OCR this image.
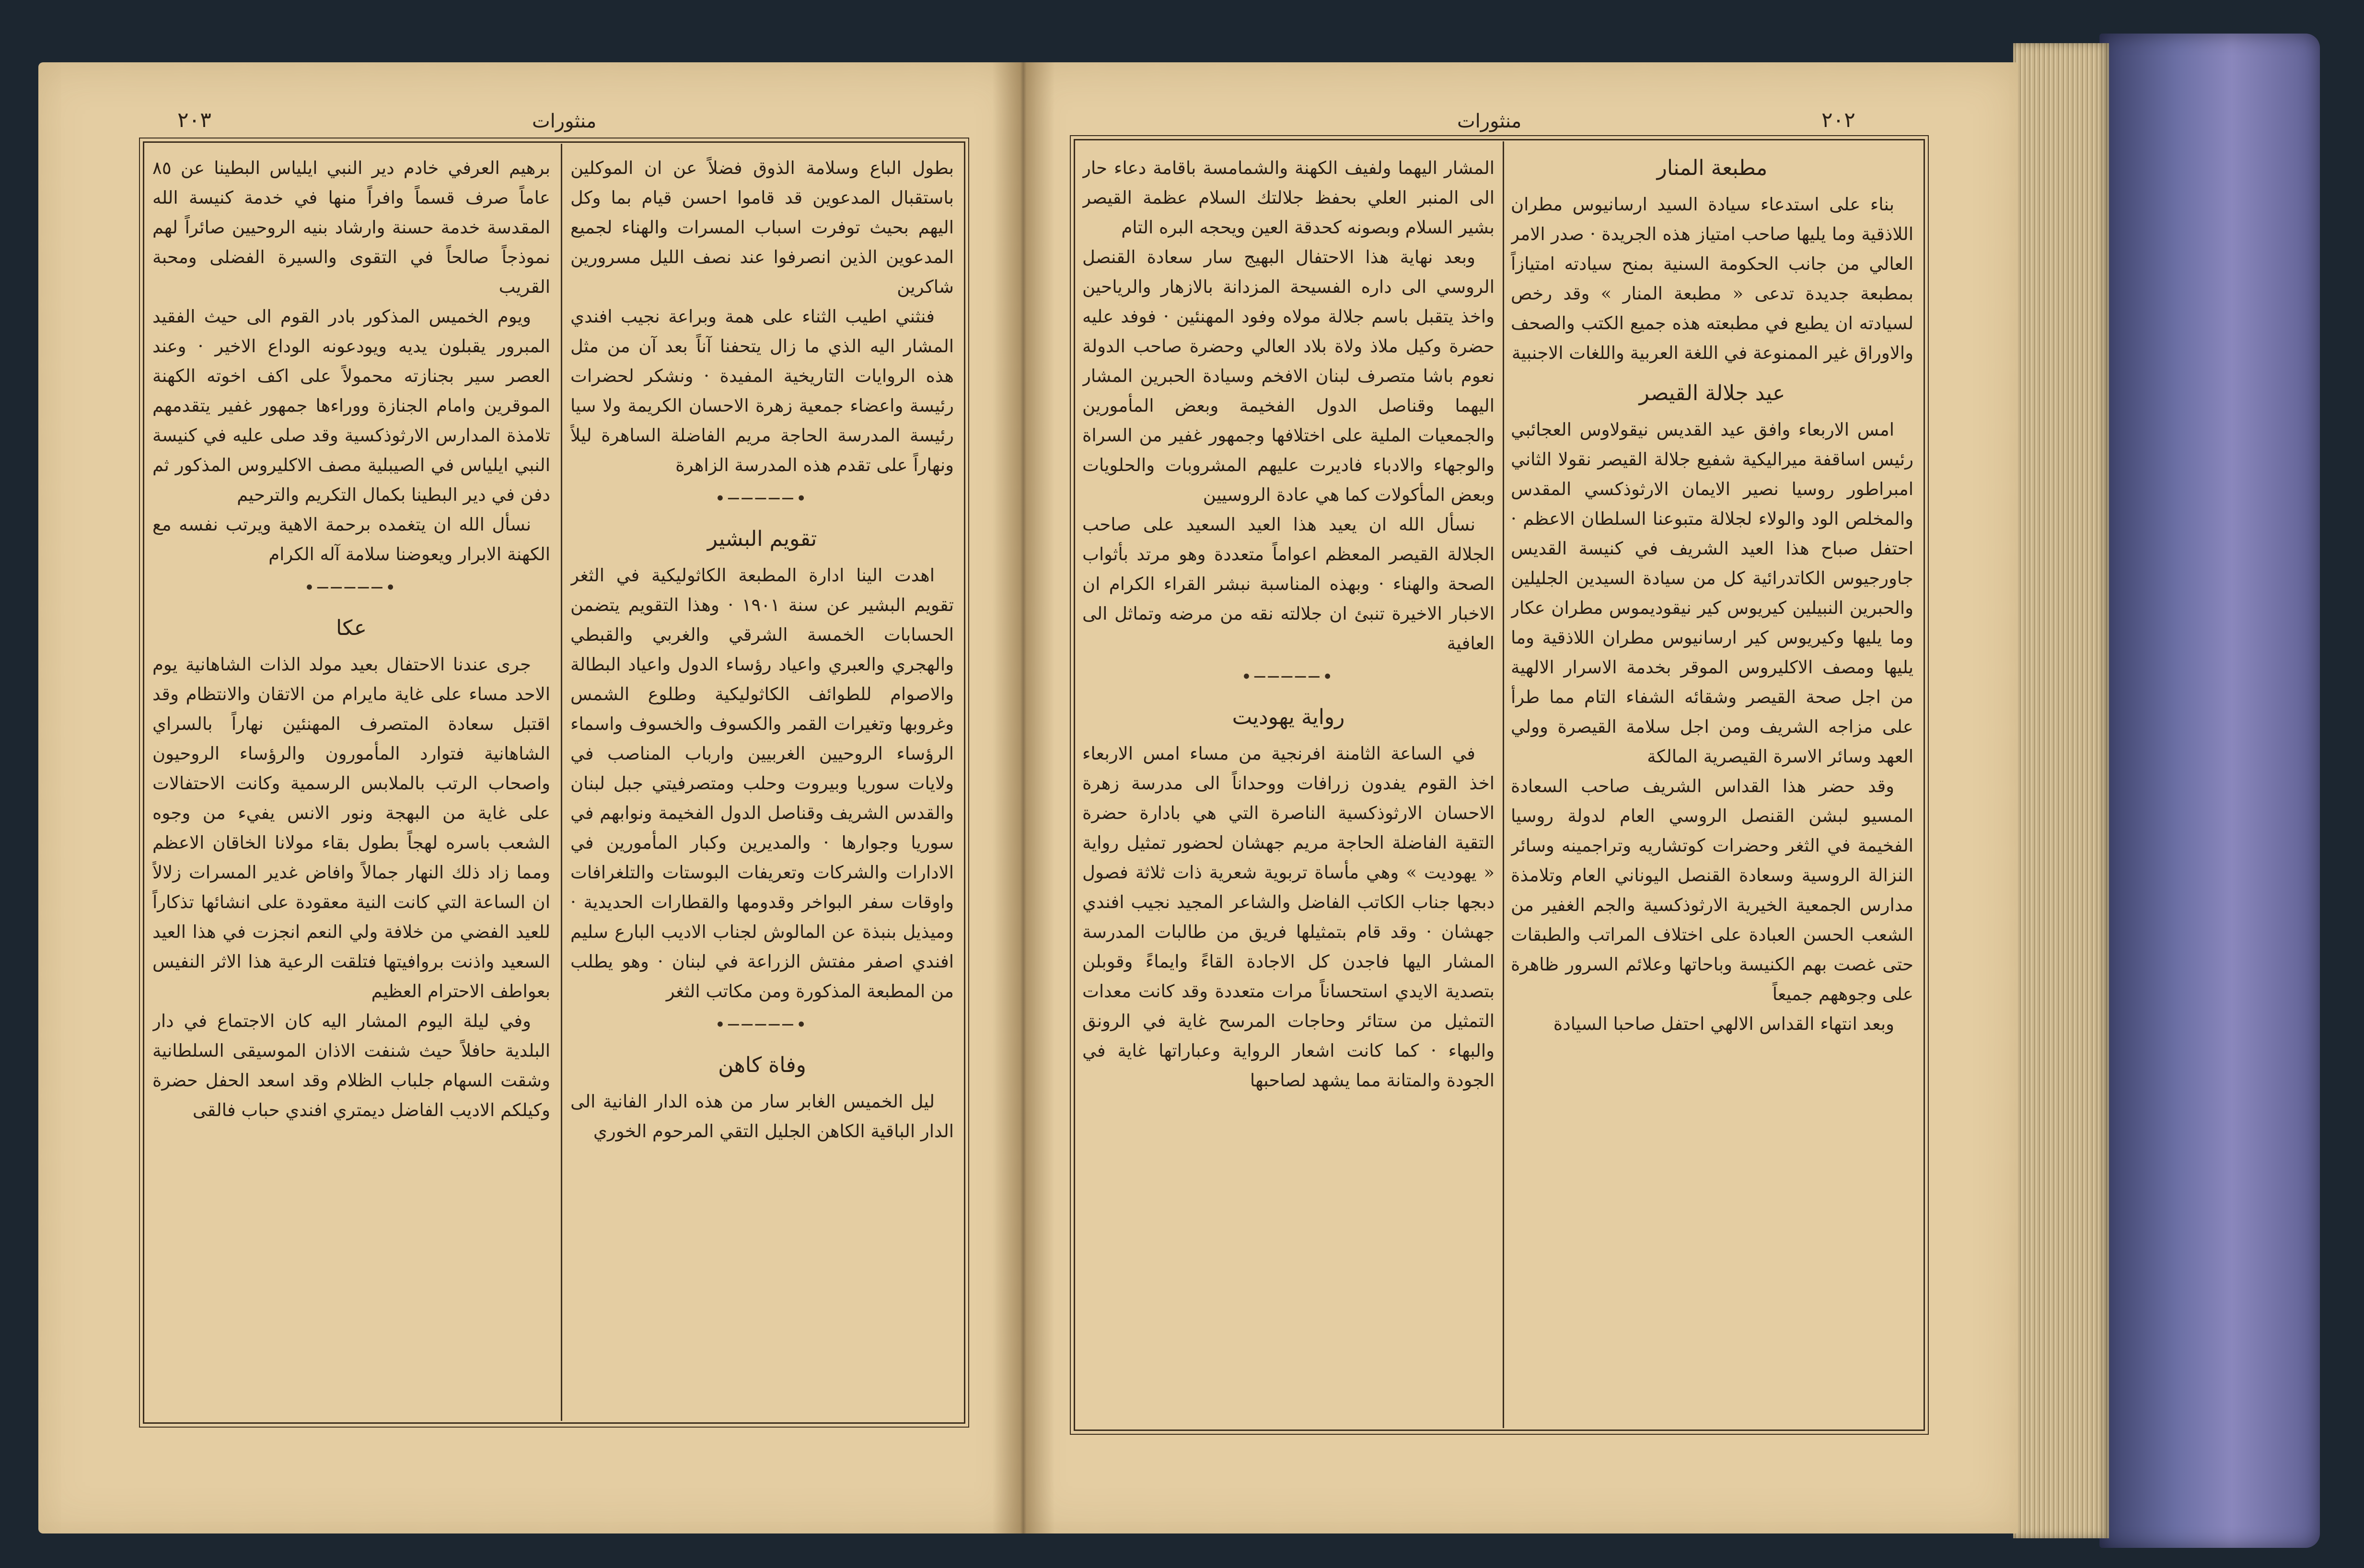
منثورات
٢٠٣	منثورات	٢٠٢

بطول الباع وسلامة الذوق فضلاً عن ان الموكلين باستقبال المدعوين قد قاموا احسن قيام بما وكل اليهم بحيث توفرت اسباب المسرات والهناء لجميع المدعوين الذين انصرفوا عند نصف الليل مسرورين شاكرين

فنثني اطيب الثناء على همة وبراعة نجيب افندي المشار اليه الذي ما زال يتحفنا آناً بعد آن من مثل هذه الروايات التاريخية المفيدة · ونشكر لحضرات رئيسة واعضاء جمعية زهرة الاحسان الكريمة ولا سيا رئيسة المدرسة الحاجة مريم الفاضلة الساهرة ليلاً ونهاراً على تقدم هذه المدرسة الزاهرة

•─────•
تقويم البشير

اهدت الينا ادارة المطبعة الكاثوليكية في الثغر تقويم البشير عن سنة ١٩٠١ · وهذا التقويم يتضمن الحسابات الخمسة الشرقي والغربي والقبطي والهجري والعبري واعياد رؤساء الدول واعياد البطالة والاصوام للطوائف الكاثوليكية وطلوع الشمس وغروبها وتغيرات القمر والكسوف والخسوف واسماء الرؤساء الروحيين الغربيين وارباب المناصب في ولايات سوريا وبيروت وحلب ومتصرفيتي جبل لبنان والقدس الشريف وقناصل الدول الفخيمة ونوابهم في سوريا وجوارها · والمديرين وكبار المأمورين في الادارات والشركات وتعريفات البوستات والتلغرافات واوقات سفر البواخر وقدومها والقطارات الحديدية · وميذيل بنبذة عن المالوش لجناب الاديب البارع سليم افندي اصفر مفتش الزراعة في لبنان · وهو يطلب من المطبعة المذكورة ومن مكاتب الثغر

•─────•
وفاة كاهن

ليل الخميس الغابر سار من هذه الدار الفانية الى الدار الباقية الكاهن الجليل التقي المرحوم الخوري

برهيم العرفي خادم دير النبي ايلياس البطينا عن ٨٥ عاماً صرف قسماً وافراً منها في خدمة كنيسة الله المقدسة خدمة حسنة وارشاد بنيه الروحيين صائراً لهم نموذجاً صالحاً في التقوى والسيرة الفضلى ومحبة القريب

ويوم الخميس المذكور بادر القوم الى حيث الفقيد المبرور يقبلون يديه ويودعونه الوداع الاخير · وعند العصر سير بجنازته محمولاً على اكف اخوته الكهنة الموقرين وامام الجنازة ووراءها جمهور غفير يتقدمهم تلامذة المدارس الارثوذكسية وقد صلى عليه في كنيسة النبي ايلياس في الصيبلية مصف الاكليروس المذكور ثم دفن في دير البطينا بكمال التكريم والترحيم

نسأل الله ان يتغمده برحمة الاهية ويرتب نفسه مع الكهنة الابرار ويعوضنا سلامة آله الكرام

•─────•
عكا

جرى عندنا الاحتفال بعيد مولد الذات الشاهانية يوم الاحد مساء على غاية مايرام من الاتقان والانتظام وقد اقتبل سعادة المتصرف المهنئين نهاراً بالسراي الشاهانية فتوارد المأمورون والرؤساء الروحيون واصحاب الرتب بالملابس الرسمية وكانت الاحتفالات على غاية من البهجة ونور الانس يفيء من وجوه الشعب باسره لهجاً بطول بقاء مولانا الخاقان الاعظم ومما زاد ذلك النهار جمالاً وافاض غدير المسرات زلالاً ان الساعة التي كانت النية معقودة على انشائها تذكاراً للعيد الفضي من خلافة ولي النعم انجزت في هذا العيد السعيد واذنت بروافيتها فتلقت الرعية هذا الاثر النفيس بعواطف الاحترام العظيم

وفي ليلة اليوم المشار اليه كان الاجتماع في دار البلدية حافلاً حيث شنفت الاذان الموسيقى السلطانية وشقت السهام جلباب الظلام وقد اسعد الحفل حضرة وكيلكم الاديب الفاضل ديمتري افندي حباب فالقى

المشار اليهما ولفيف الكهنة والشمامسة باقامة دعاء حار الى المنبر العلي بحفظ جلالتك السلام عظمة القيصر بشير السلام وبصونه كحدقة العين ويحجه البره التام

وبعد نهاية هذا الاحتفال البهيج سار سعادة القنصل الروسي الى داره الفسيحة المزدانة بالازهار والرياحين واخذ يتقبل باسم جلالة مولاه وفود المهنئين · فوفد عليه حضرة وكيل ملاذ ولاة بلاد العالي وحضرة صاحب الدولة نعوم باشا متصرف لبنان الافخم وسيادة الحبرين المشار اليهما وقناصل الدول الفخيمة وبعض المأمورين والجمعيات الملية على اختلافها وجمهور غفير من السراة والوجهاء والادباء فاديرت عليهم المشروبات والحلويات وبعض المأكولات كما هي عادة الروسيين

نسأل الله ان يعيد هذا العيد السعيد على صاحب الجلالة القيصر المعظم اعواماً متعددة وهو مرتد بأثواب الصحة والهناء · وبهذه المناسبة نبشر القراء الكرام ان الاخبار الاخيرة تنبئ ان جلالته نقه من مرضه وتماثل الى العافية

•─────•
رواية يهوديت

في الساعة الثامنة افرنجية من مساء امس الاربعاء اخذ القوم يفدون زرافات ووحداناً الى مدرسة زهرة الاحسان الارثوذكسية الناصرة التي هي بادارة حضرة التقية الفاضلة الحاجة مريم جهشان لحضور تمثيل رواية « يهوديت » وهي مأساة تربوية شعرية ذات ثلاثة فصول دبجها جناب الكاتب الفاضل والشاعر المجيد نجيب افندي جهشان · وقد قام بتمثيلها فريق من طالبات المدرسة المشار اليها فاجدن كل الاجادة القاءً وايماءً وقوبلن بتصدية الايدي استحساناً مرات متعددة وقد كانت معدات التمثيل من ستائر وحاجات المرسح غاية في الرونق والبهاء · كما كانت اشعار الرواية وعباراتها غاية في الجودة والمتانة مما يشهد لصاحبها

مطبعة المنار

بناء على استدعاء سيادة السيد ارسانيوس مطران اللاذقية وما يليها صاحب امتياز هذه الجريدة · صدر الامر العالي من جانب الحكومة السنية بمنح سيادته امتيازاً بمطبعة جديدة تدعى « مطبعة المنار » وقد رخص لسيادته ان يطبع في مطبعته هذه جميع الكتب والصحف والاوراق غير الممنوعة في اللغة العربية واللغات الاجنبية

عيد جلالة القيصر

امس الاربعاء وافق عيد القديس نيقولاوس العجائبي رئيس اساقفة ميراليكية شفيع جلالة القيصر نقولا الثاني امبراطور روسيا نصير الايمان الارثوذكسي المقدس والمخلص الود والولاء لجلالة متبوعنا السلطان الاعظم · احتفل صباح هذا العيد الشريف في كنيسة القديس جاورجيوس الكاتدرائية كل من سيادة السيدين الجليلين والحبرين النبيلين كيريوس كير نيقوديموس مطران عكار وما يليها وكيريوس كير ارسانيوس مطران اللاذقية وما يليها ومصف الاكليروس الموقر بخدمة الاسرار الالهية من اجل صحة القيصر وشقائه الشفاء التام مما طرأ على مزاجه الشريف ومن اجل سلامة القيصرة وولي العهد وسائر الاسرة القيصرية المالكة

وقد حضر هذا القداس الشريف صاحب السعادة المسيو لبشن القنصل الروسي العام لدولة روسيا الفخيمة في الثغر وحضرات كوتشاريه وتراجمينه وسائر النزالة الروسية وسعادة القنصل اليوناني العام وتلامذة مدارس الجمعية الخيرية الارثوذكسية والجم الغفير من الشعب الحسن العبادة على اختلاف المراتب والطبقات حتى غصت بهم الكنيسة وباحاتها وعلائم السرور ظاهرة على وجوههم جميعاً

وبعد انتهاء القداس الالهي احتفل صاحبا السيادة
